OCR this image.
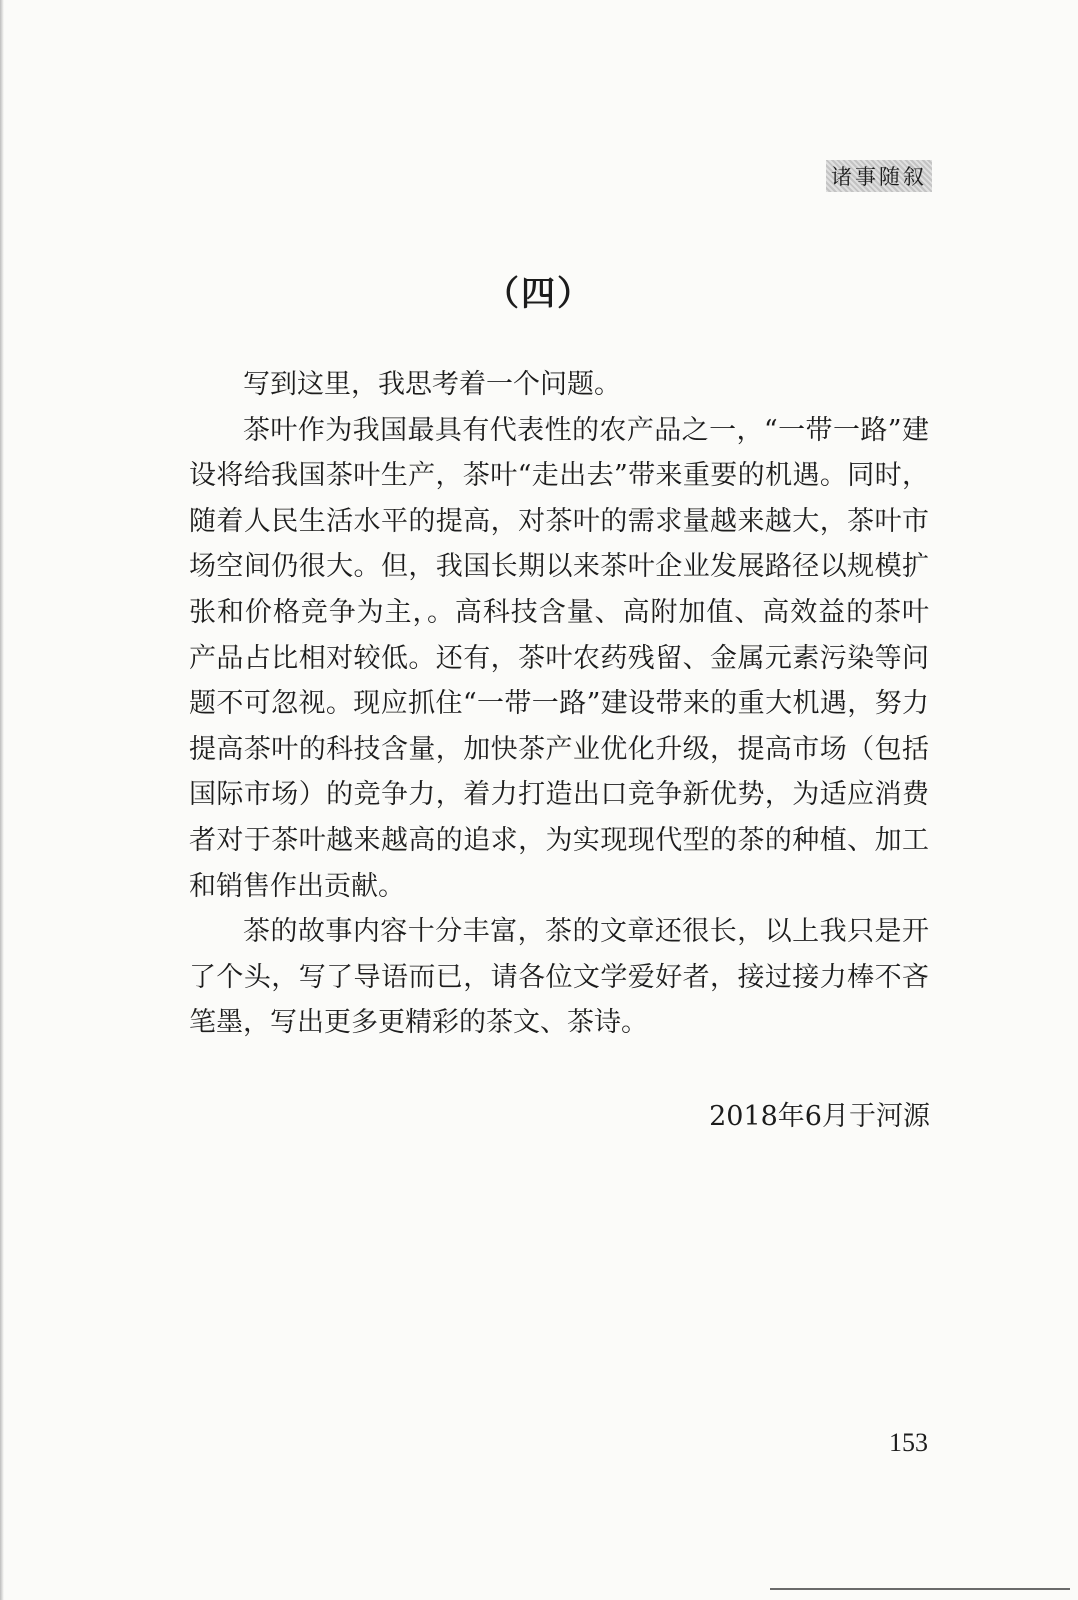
诸事随叙
（四）

写到这里，我思考着一个问题。

茶叶作为我国最具有代表性的农产品之一，“一带一路”建设将给我国茶叶生产，茶叶“走出去”带来重要的机遇。同时，随着人民生活水平的提高，对茶叶的需求量越来越大，茶叶市场空间仍很大。但，我国长期以来茶叶企业发展路径以规模扩张和价格竞争为主，。高科技含量、高附加值、高效益的茶叶产品占比相对较低。还有，茶叶农药残留、金属元素污染等问题不可忽视。现应抓住“一带一路”建设带来的重大机遇，努力提高茶叶的科技含量，加快茶产业优化升级，提高市场（包括国际市场）的竞争力，着力打造出口竞争新优势，为适应消费者对于茶叶越来越高的追求，为实现现代型的茶的种植、加工和销售作出贡献。

茶的故事内容十分丰富，茶的文章还很长，以上我只是开了个头，写了导语而已，请各位文学爱好者，接过接力棒不吝笔墨，写出更多更精彩的茶文、茶诗。

2018年6月于河源
153
